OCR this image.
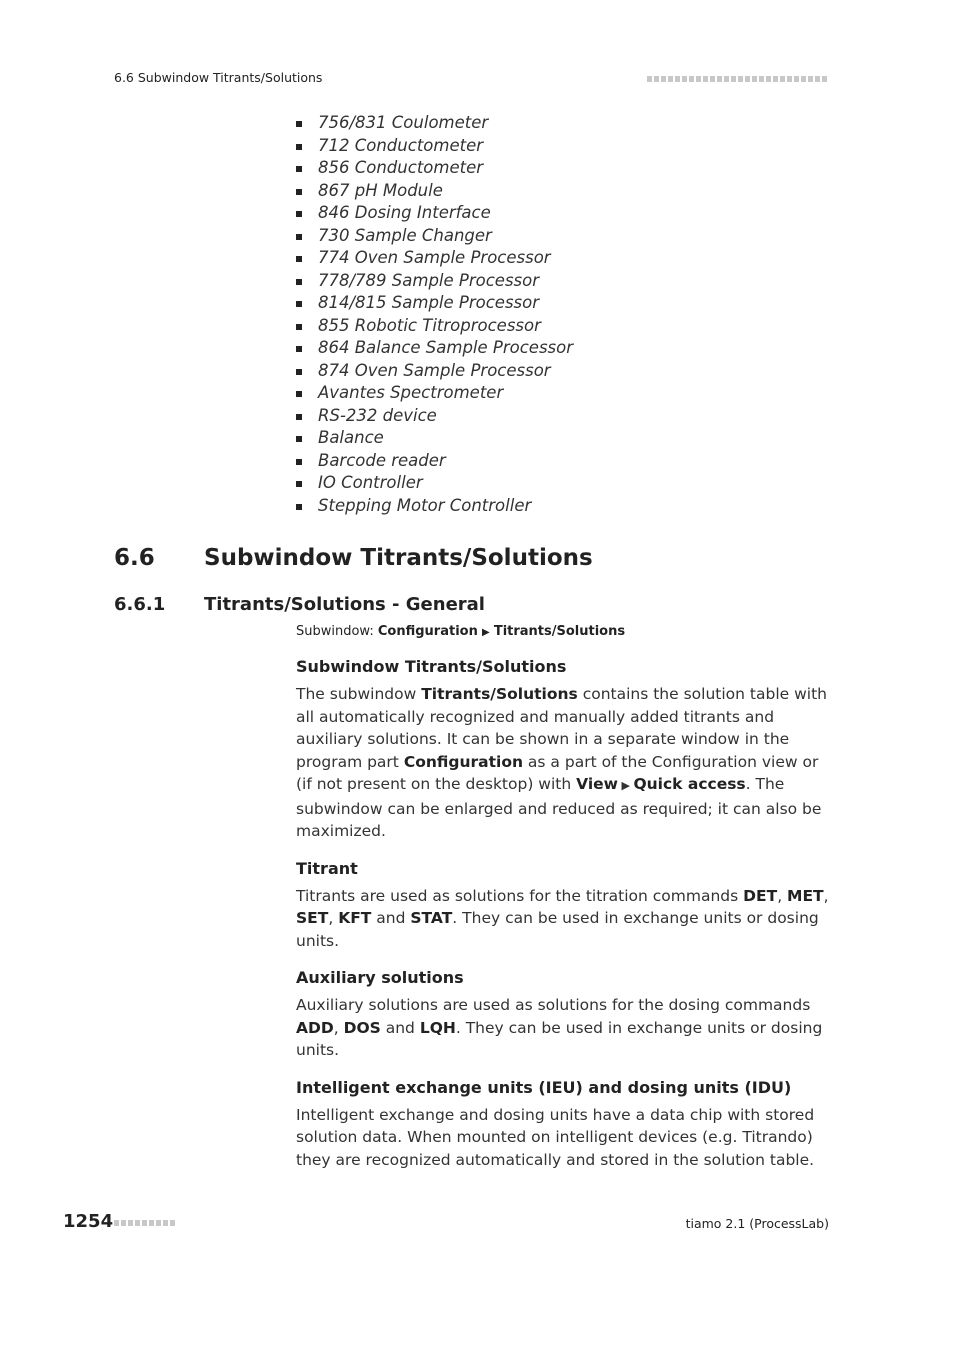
6.6 Subwindow Titrants/Solutions
756/831 Coulometer
712 Conductometer
856 Conductometer
867 pH Module
846 Dosing Interface
730 Sample Changer
774 Oven Sample Processor
778/789 Sample Processor
814/815 Sample Processor
855 Robotic Titroprocessor
864 Balance Sample Processor
874 Oven Sample Processor
Avantes Spectrometer
RS-232 device
Balance
Barcode reader
IO Controller
Stepping Motor Controller
6.6 Subwindow Titrants/Solutions
6.6.1 Titrants/Solutions - General
Subwindow: Configuration ▶ Titrants/Solutions
Subwindow Titrants/Solutions

The subwindow Titrants/Solutions contains the solution table with all automatically recognized and manually added titrants and auxiliary solutions. It can be shown in a separate window in the program part Configuration as a part of the Configuration view or (if not present on the desktop) with View ▶ Quick access. The subwindow can be enlarged and reduced as required; it can also be maximized.

Titrant

Titrants are used as solutions for the titration commands DET, MET, SET, KFT and STAT. They can be used in exchange units or dosing units.

Auxiliary solutions

Auxiliary solutions are used as solutions for the dosing commands ADD, DOS and LQH. They can be used in exchange units or dosing units.

Intelligent exchange units (IEU) and dosing units (IDU)

Intelligent exchange and dosing units have a data chip with stored solution data. When mounted on intelligent devices (e.g. Titrando) they are recognized automatically and stored in the solution table.

1254	tiamo 2.1 (ProcessLab)
